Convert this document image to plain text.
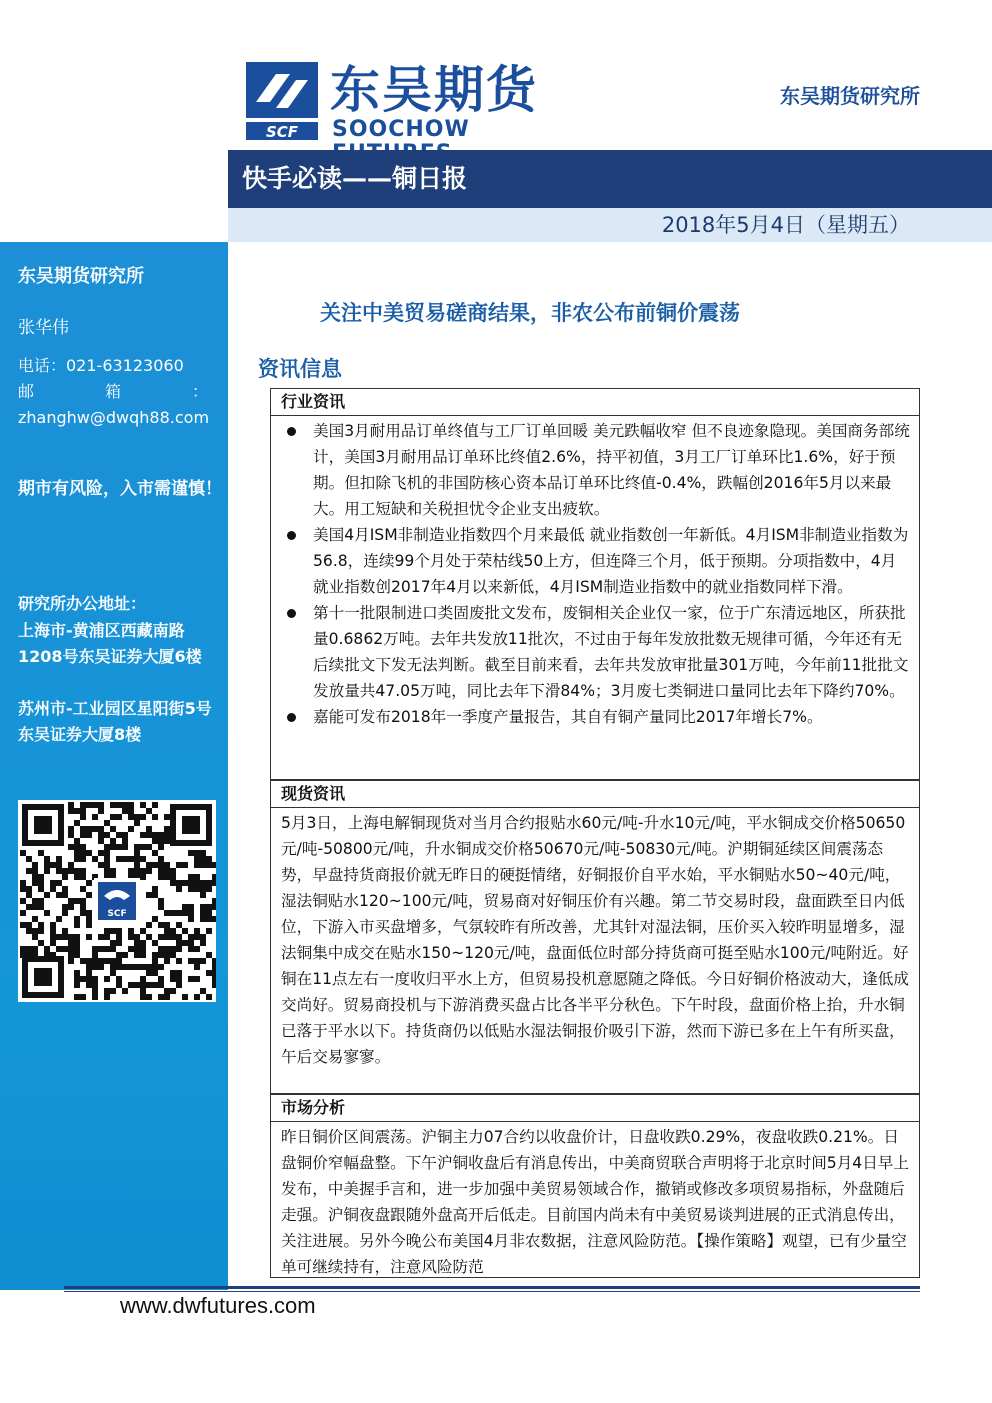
东吴期货研究所
张华伟
电话：021-63123060
邮	箱	：
zhanghw@dwqh88.com
期市有风险，入市需谨慎！
研究所办公地址：
上海市-黄浦区西藏南路1208号东吴证券大厦6楼
苏州市-工业园区星阳街5号东吴证券大厦8楼
SCF
SCF
东吴期货
SOOCHOW
东吴期货研究所
快手必读——铜日报
2018年5月4日（星期五）
关注中美贸易磋商结果，非农公布前铜价震荡
资讯信息
行业资讯
美国3月耐用品订单终值与工厂订单回暖 美元跌幅收窄 但不良迹象隐现。美国商务部统计，美国3月耐用品订单环比终值2.6%，持平初值，3月工厂订单环比1.6%，好于预期。但扣除飞机的非国防核心资本品订单环比终值-0.4%，跌幅创2016年5月以来最大。用工短缺和关税担忧令企业支出疲软。
美国4月ISM非制造业指数四个月来最低 就业指数创一年新低。4月ISM非制造业指数为56.8，连续99个月处于荣枯线50上方，但连降三个月，低于预期。分项指数中，4月就业指数创2017年4月以来新低，4月ISM制造业指数中的就业指数同样下滑。
第十一批限制进口类固废批文发布，废铜相关企业仅一家，位于广东清远地区，所获批量0.6862万吨。去年共发放11批次，不过由于每年发放批数无规律可循，今年还有无后续批文下发无法判断。截至目前来看，去年共发放审批量301万吨，今年前11批批文发放量共47.05万吨，同比去年下滑84%；3月废七类铜进口量同比去年下降约70%。
嘉能可发布2018年一季度产量报告，其自有铜产量同比2017年增长7%。
现货资讯
5月3日，上海电解铜现货对当月合约报贴水60元/吨-升水10元/吨，平水铜成交价格50650元/吨-50800元/吨，升水铜成交价格50670元/吨-50830元/吨。沪期铜延续区间震荡态势，早盘持货商报价就无昨日的硬挺情绪，好铜报价自平水始，平水铜贴水50~40元/吨，湿法铜贴水120~100元/吨，贸易商对好铜压价有兴趣。第二节交易时段，盘面跌至日内低位，下游入市买盘增多，气氛较昨有所改善，尤其针对湿法铜，压价买入较昨明显增多，湿法铜集中成交在贴水150~120元/吨，盘面低位时部分持货商可挺至贴水100元/吨附近。好铜在11点左右一度收归平水上方，但贸易投机意愿随之降低。今日好铜价格波动大，逢低成交尚好。贸易商投机与下游消费买盘占比各半平分秋色。下午时段，盘面价格上抬，升水铜已落于平水以下。持货商仍以低贴水湿法铜报价吸引下游，然而下游已多在上午有所买盘，午后交易寥寥。
市场分析
昨日铜价区间震荡。沪铜主力07合约以收盘价计，日盘收跌0.29%，夜盘收跌0.21%。日盘铜价窄幅盘整。下午沪铜收盘后有消息传出，中美商贸联合声明将于北京时间5月4日早上发布，中美握手言和，进一步加强中美贸易领域合作，撤销或修改多项贸易指标，外盘随后走强。沪铜夜盘跟随外盘高开后低走。目前国内尚未有中美贸易谈判进展的正式消息传出，关注进展。另外今晚公布美国4月非农数据，注意风险防范。【操作策略】观望，已有少量空单可继续持有，注意风险防范
www.dwfutures.com
